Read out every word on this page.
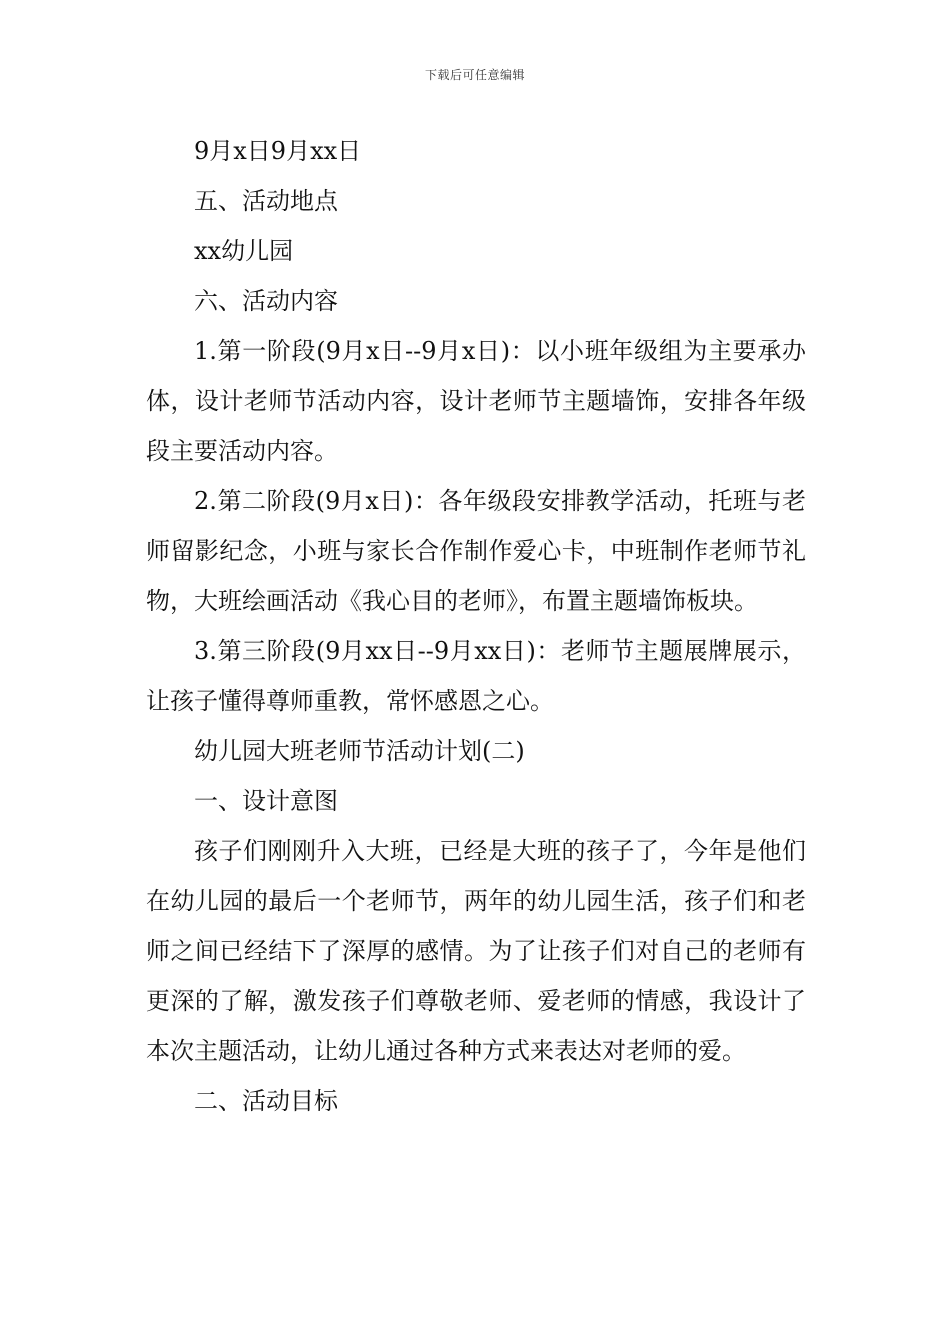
下载后可任意编辑

9月x日9月xx日

五、活动地点

xx幼儿园

六、活动内容

1.第一阶段(9月x日--9月x日)：以小班年级组为主要承办体，设计老师节活动内容，设计老师节主题墙饰，安排各年级段主要活动内容。

2.第二阶段(9月x日)：各年级段安排教学活动，托班与老师留影纪念，小班与家长合作制作爱心卡，中班制作老师节礼物，大班绘画活动《我心目的老师》，布置主题墙饰板块。

3.第三阶段(9月xx日--9月xx日)：老师节主题展牌展示，让孩子懂得尊师重教，常怀感恩之心。

幼儿园大班老师节活动计划(二)

一、设计意图

孩子们刚刚升入大班，已经是大班的孩子了，今年是他们在幼儿园的最后一个老师节，两年的幼儿园生活，孩子们和老师之间已经结下了深厚的感情。为了让孩子们对自己的老师有更深的了解，激发孩子们尊敬老师、爱老师的情感，我设计了本次主题活动，让幼儿通过各种方式来表达对老师的爱。

二、活动目标
